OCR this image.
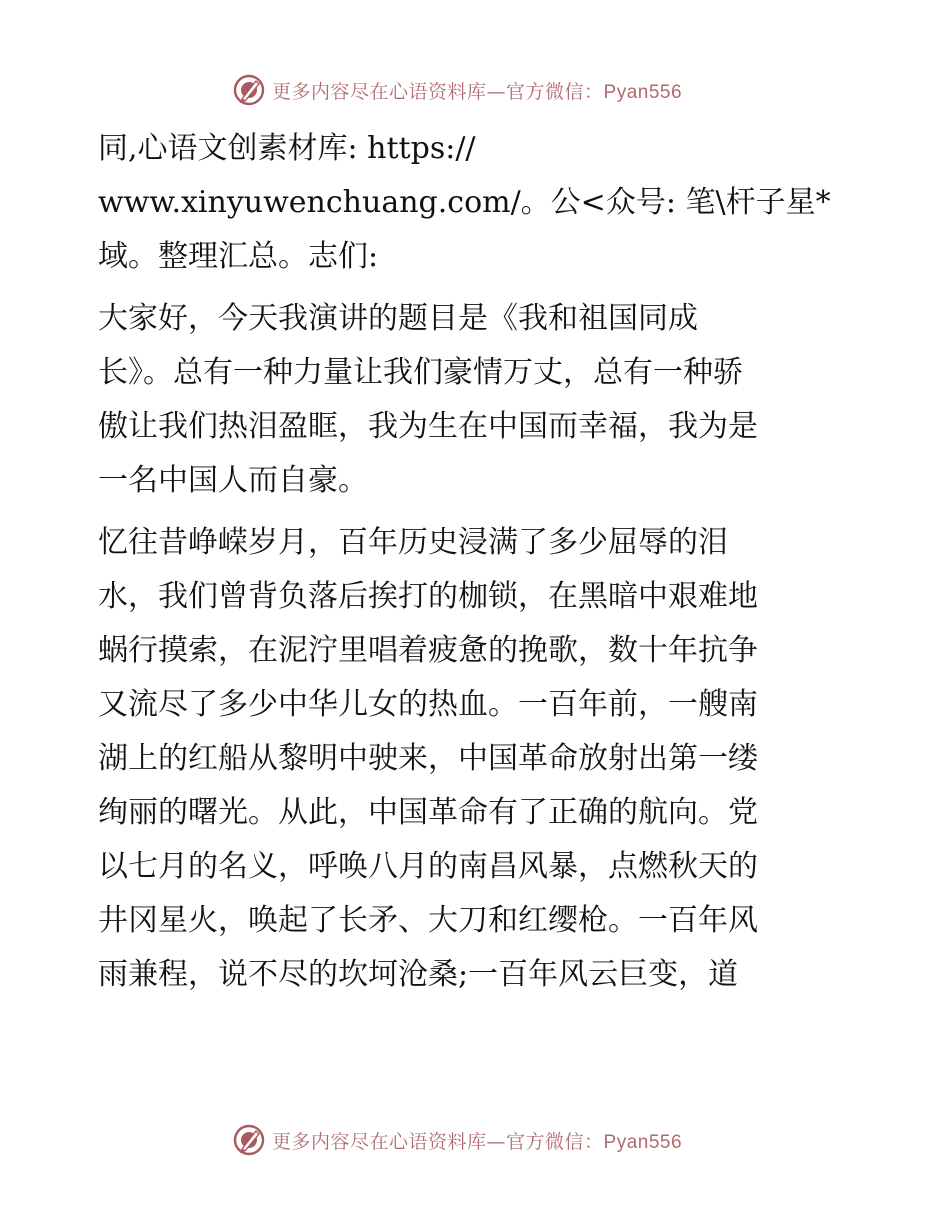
更多内容尽在心语资料库—官方微信：Pyan556
同,心语文创素材库: https://
www.xinyuwenchuang.com/。公<众号: 笔\杆子星*
域。整理汇总。志们:
大家好，今天我演讲的题目是《我和祖国同成
长》。总有一种力量让我们豪情万丈，总有一种骄
傲让我们热泪盈眶，我为生在中国而幸福，我为是
一名中国人而自豪。
忆往昔峥嵘岁月，百年历史浸满了多少屈辱的泪
水，我们曾背负落后挨打的枷锁，在黑暗中艰难地
蜗行摸索，在泥泞里唱着疲惫的挽歌，数十年抗争
又流尽了多少中华儿女的热血。一百年前，一艘南
湖上的红船从黎明中驶来，中国革命放射出第一缕
绚丽的曙光。从此，中国革命有了正确的航向。党
以七月的名义，呼唤八月的南昌风暴，点燃秋天的
井冈星火，唤起了长矛、大刀和红缨枪。一百年风
雨兼程，说不尽的坎坷沧桑;一百年风云巨变，道
更多内容尽在心语资料库—官方微信：Pyan556
